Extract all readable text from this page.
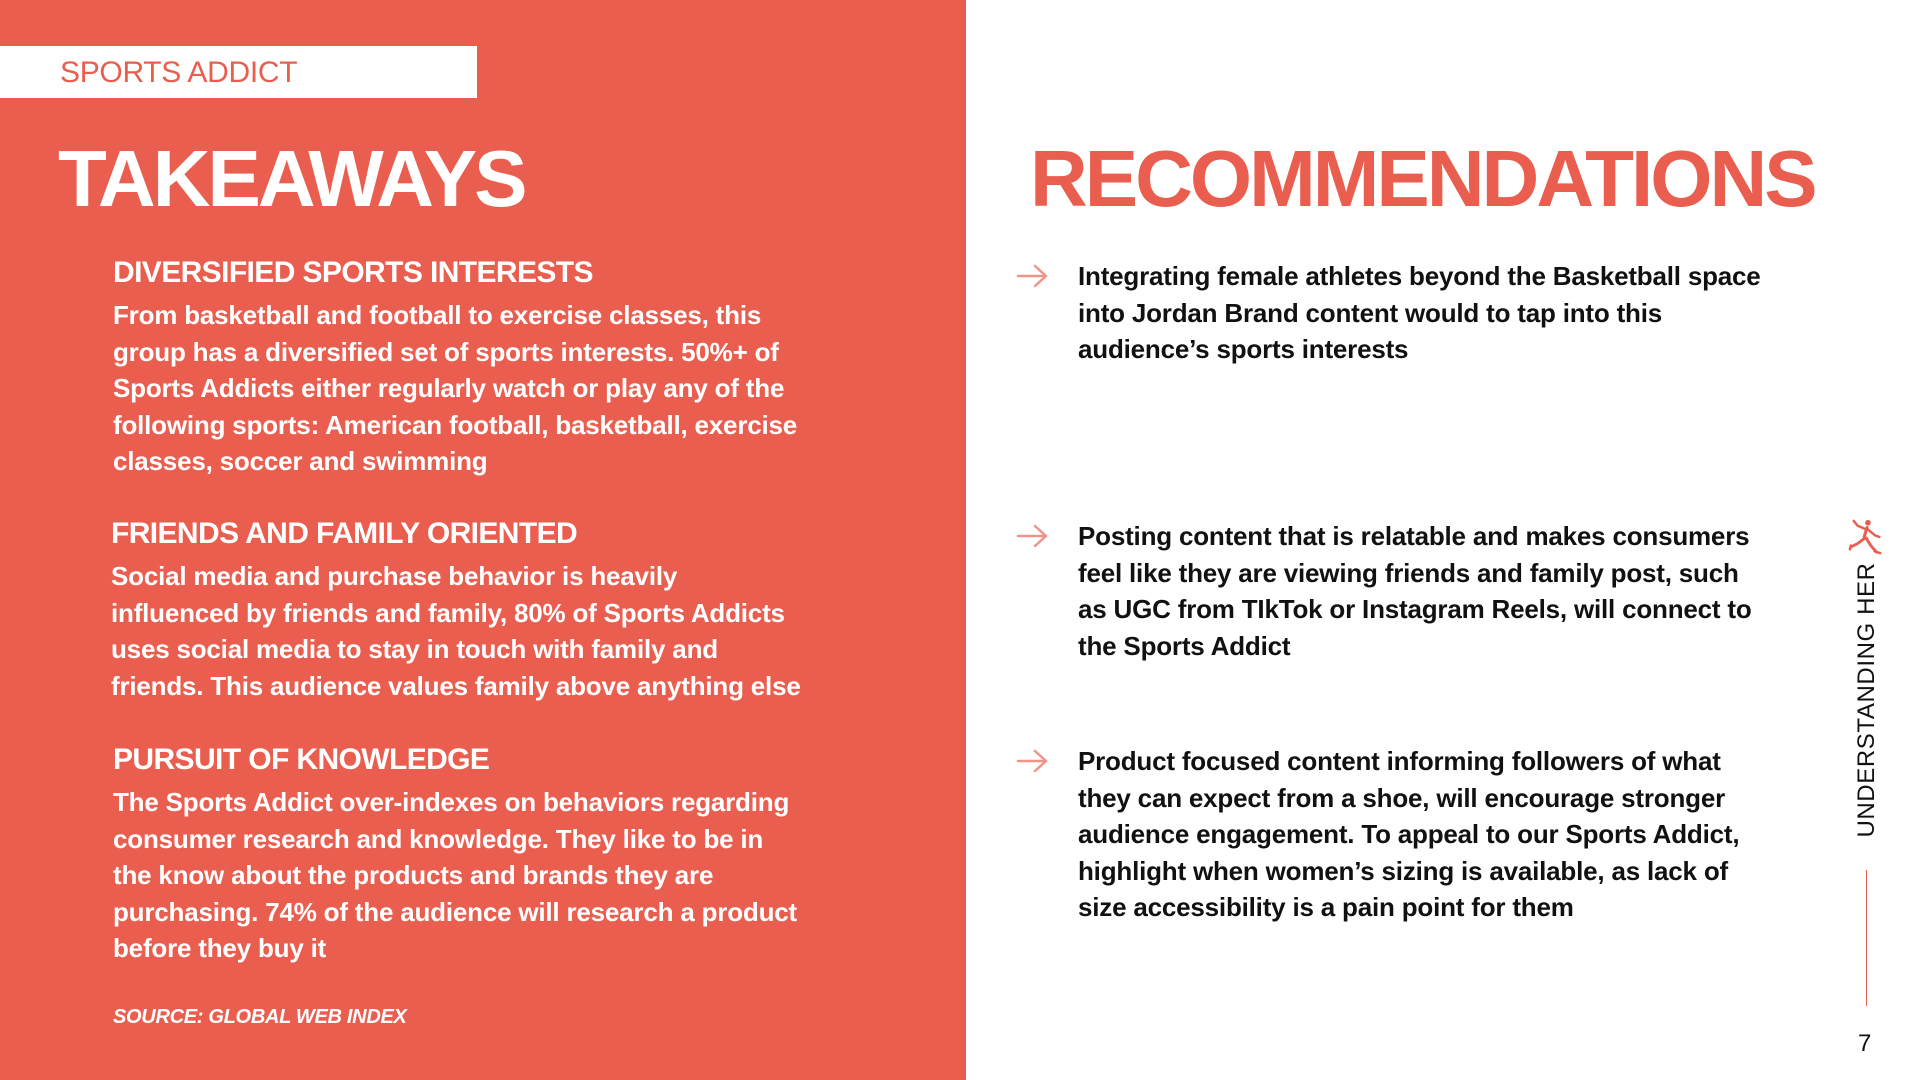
SPORTS ADDICT
TAKEAWAYS
DIVERSIFIED SPORTS INTERESTS

From basketball and football to exercise classes, this
group has a diversified set of sports interests. 50%+ of
Sports Addicts either regularly watch or play any of the
following sports: American football, basketball, exercise
classes, soccer and swimming

FRIENDS AND FAMILY ORIENTED

Social media and purchase behavior is heavily
influenced by friends and family, 80% of Sports Addicts
uses social media to stay in touch with family and
friends. This audience values family above anything else

PURSUIT OF KNOWLEDGE

The Sports Addict over-indexes on behaviors regarding
consumer research and knowledge. They like to be in
the know about the products and brands they are
purchasing. 74% of the audience will research a product
before they buy it

SOURCE: GLOBAL WEB INDEX
RECOMMENDATIONS

Integrating female athletes beyond the Basketball space
into Jordan Brand content would to tap into this
audience’s sports interests

Posting content that is relatable and makes consumers
feel like they are viewing friends and family post, such
as UGC from TIkTok or Instagram Reels, will connect to
the Sports Addict

Product focused content informing followers of what
they can expect from a shoe, will encourage stronger
audience engagement. To appeal to our Sports Addict,
highlight when women’s sizing is available, as lack of
size accessibility is a pain point for them

UNDERSTANDING HER
7
